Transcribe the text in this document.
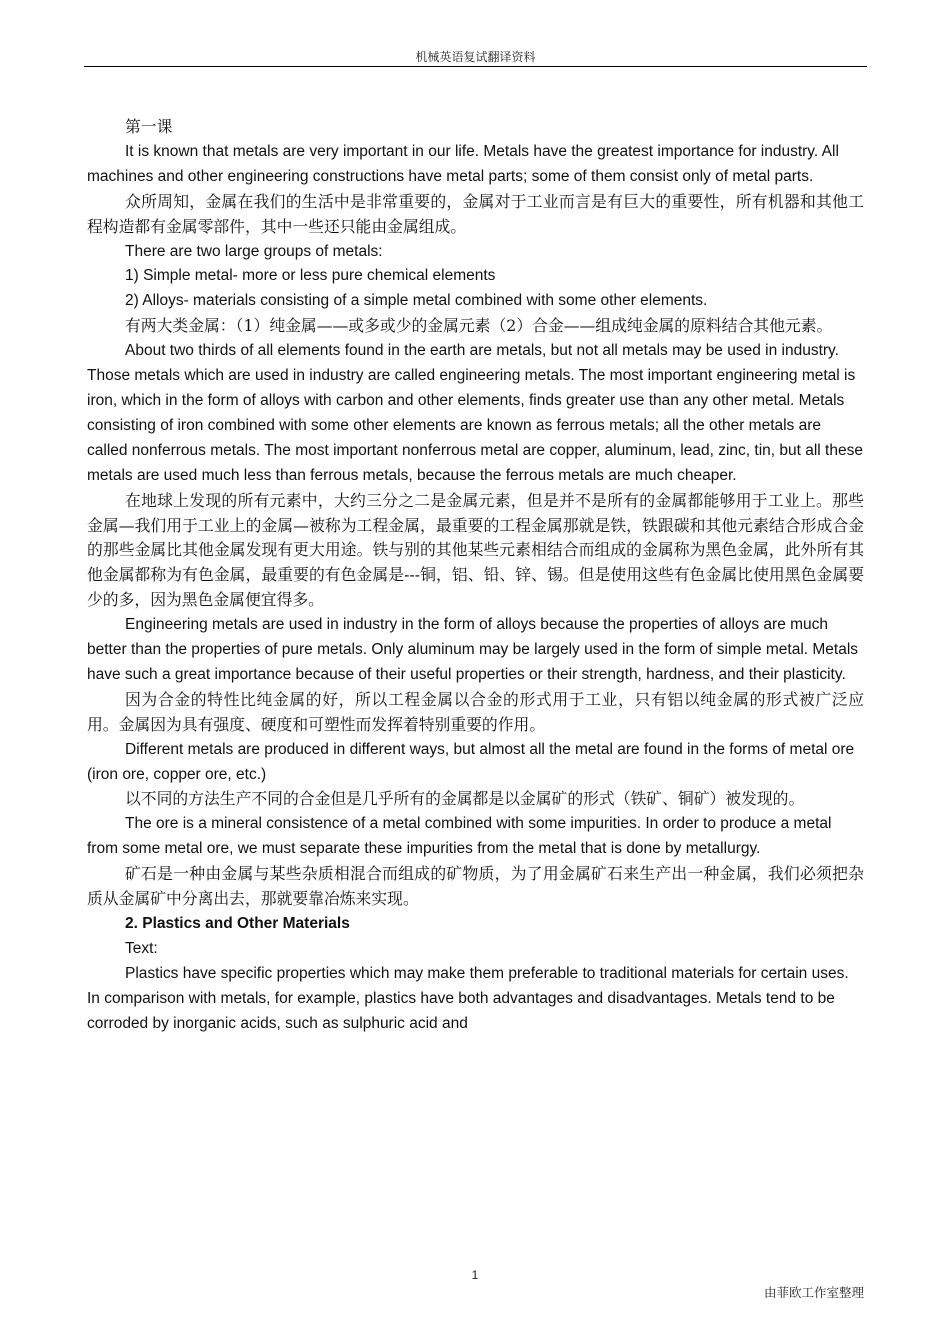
机械英语复试翻译资料

第一课

It is known that metals are very important in our life. Metals have the greatest importance for industry. All machines and other engineering constructions have metal parts; some of them consist only of metal parts.

众所周知，金属在我们的生活中是非常重要的，金属对于工业而言是有巨大的重要性，所有机器和其他工程构造都有金属零部件，其中一些还只能由金属组成。

There are two large groups of metals:

1) Simple metal- more or less pure chemical elements

2) Alloys- materials consisting of a simple metal combined with some other elements.

有两大类金属：（1）纯金属——或多或少的金属元素（2）合金——组成纯金属的原料结合其他元素。

About two thirds of all elements found in the earth are metals, but not all metals may be used in industry. Those metals which are used in industry are called engineering metals. The most important engineering metal is iron, which in the form of alloys with carbon and other elements, finds greater use than any other metal. Metals consisting of iron combined with some other elements are known as ferrous metals; all the other metals are called nonferrous metals. The most important nonferrous metal are copper, aluminum, lead, zinc, tin, but all these metals are used much less than ferrous metals, because the ferrous metals are much cheaper.

在地球上发现的所有元素中，大约三分之二是金属元素，但是并不是所有的金属都能够用于工业上。那些金属—我们用于工业上的金属—被称为工程金属，最重要的工程金属那就是铁，铁跟碳和其他元素结合形成合金的那些金属比其他金属发现有更大用途。铁与别的其他某些元素相结合而组成的金属称为黑色金属，此外所有其他金属都称为有色金属，最重要的有色金属是---铜，铝、铅、锌、锡。但是使用这些有色金属比使用黑色金属要少的多，因为黑色金属便宜得多。

Engineering metals are used in industry in the form of alloys because the properties of alloys are much better than the properties of pure metals. Only aluminum may be largely used in the form of simple metal. Metals have such a great importance because of their useful properties or their strength, hardness, and their plasticity.

因为合金的特性比纯金属的好，所以工程金属以合金的形式用于工业，只有铝以纯金属的形式被广泛应用。金属因为具有强度、硬度和可塑性而发挥着特别重要的作用。

Different metals are produced in different ways, but almost all the metal are found in the forms of metal ore (iron ore, copper ore, etc.)

以不同的方法生产不同的合金但是几乎所有的金属都是以金属矿的形式（铁矿、铜矿）被发现的。

The ore is a mineral consistence of a metal combined with some impurities. In order to produce a metal from some metal ore, we must separate these impurities from the metal that is done by metallurgy.

矿石是一种由金属与某些杂质相混合而组成的矿物质，为了用金属矿石来生产出一种金属，我们必须把杂质从金属矿中分离出去，那就要靠冶炼来实现。

2. Plastics and Other Materials

Text:

Plastics have specific properties which may make them preferable to traditional materials for certain uses. In comparison with metals, for example, plastics have both advantages and disadvantages. Metals tend to be corroded by inorganic acids, such as sulphuric acid and

1
由菲欧工作室整理
